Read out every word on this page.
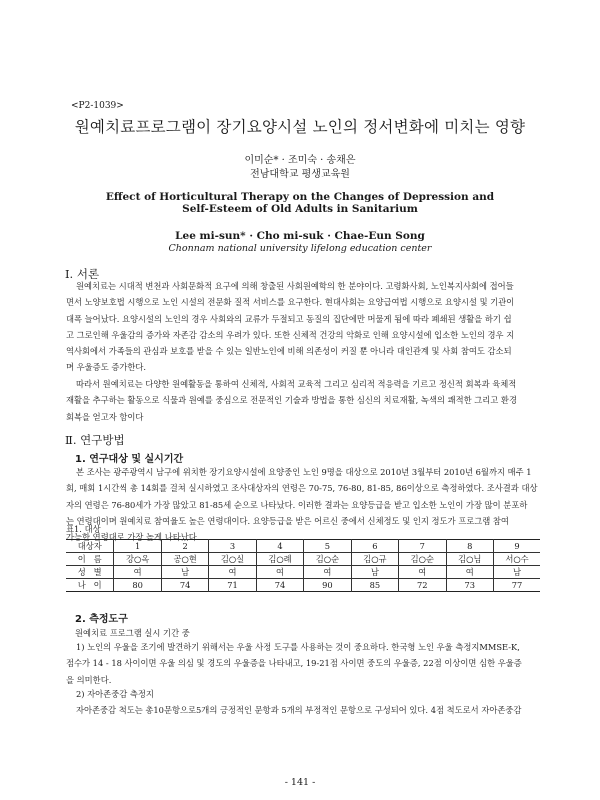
<P2-1039>
원예치료프로그램이 장기요양시설 노인의 정서변화에 미치는 영향
이미순* · 조미숙 · 송채은
전남대학교 평생교육원
Effect of Horticultural Therapy on the Changes of Depression and Self-Esteem of Old Adults in Sanitarium
Lee mi-sun* · Cho mi-suk · Chae-Eun Song
Chonnam national university lifelong education center
Ⅰ. 서론
원예치료는 시대적 변천과 사회문화적 요구에 의해 창출된 사회원예학의 한 분야이다. 고령화사회, 노인복지사회에 접어들
면서 노양보호법 시행으로 노인 시설의 전문화 질적 서비스를 요구한다. 현대사회는 요양급여법 시행으로 요양시설 및 기관이
대폭 늘어났다. 요양시설의 노인의 경우 사회와의 교류가 두절되고 동질의 집단에만 머물게 됨에 따라 폐쇄된 생활을 하기 쉽
고 그로인해 우울감의 증가와 자존감 감소의 우려가 있다. 또한 신체적 건강의 악화로 인해 요양시설에 입소한 노인의 경우 지
역사회에서 가족들의 관심과 보호를 받을 수 있는 일반노인에 비해 의존성이 커질 뿐 아니라 대인관계 및 사회 참여도 감소되
며 우울증도 증가한다.
따라서 원예치료는 다양한 원예활동을 통하여 신체적, 사회적 교육적 그리고 심리적 적응력을 기르고 정신적 회복과 육체적
재활을 추구하는 활동으로 식물과 원예를 중심으로 전문적인 기술과 방법을 통한 심신의 치료재활, 녹색의 쾌적한 그리고 환경
회복을 얻고자 함이다
Ⅱ. 연구방법
1. 연구대상 및 실시기간
본 조사는 광주광역시 남구에 위치한 장기요양시설에 요양중인 노인 9명을 대상으로 2010년 3월부터 2010년 6월까지 매주 1
회, 매회 1시간씩 총 14회를 걸쳐 실시하였고 조사대상자의 연령은 70-75, 76-80, 81-85, 86이상으로 측정하였다. 조사결과 대상
자의 연령은 76-80세가 가장 많았고 81-85세 순으로 나타났다. 이러한 결과는 요양등급을 받고 입소한 노인이 가장 많이 분포하
는 연령대이며 원예치료 참여율도 높은 연령대이다. 요양등급을 받은 어르신 중에서 신체정도 및 인지 정도가 프로그램 참여
가능한 연령대로 가장 높게 나타났다.
표1. 대상
대상자	1	2	3	4	5	6	7	8	9
이   름	강○옥	공○현	김○실	김○례	김○순	김○규	김○순	김○님	서○수
성   별	여	남	여	여	여	남	여	여	남
나   이	80	74	71	74	90	85	72	73	77
2. 측정도구
원예치료 프로그램 실시 기간 중
1) 노인의 우울을 조기에 발견하기 위해서는 우울 사정 도구를 사용하는 것이 중요하다. 한국형 노인 우울 측정지MMSE-K,
점수가 14 - 18 사이이면 우울 의심 및 경도의 우울증을 나타내고, 19-21점 사이면 중도의 우울증, 22점 이상이면 심한 우울증
을 의미한다.
2) 자아존중감 측정지
자아존중감 척도는 총10문항으로5개의 긍정적인 문항과 5개의 부정적인 문항으로 구성되어 있다. 4점 척도로서 자아존중감
- 141 -
